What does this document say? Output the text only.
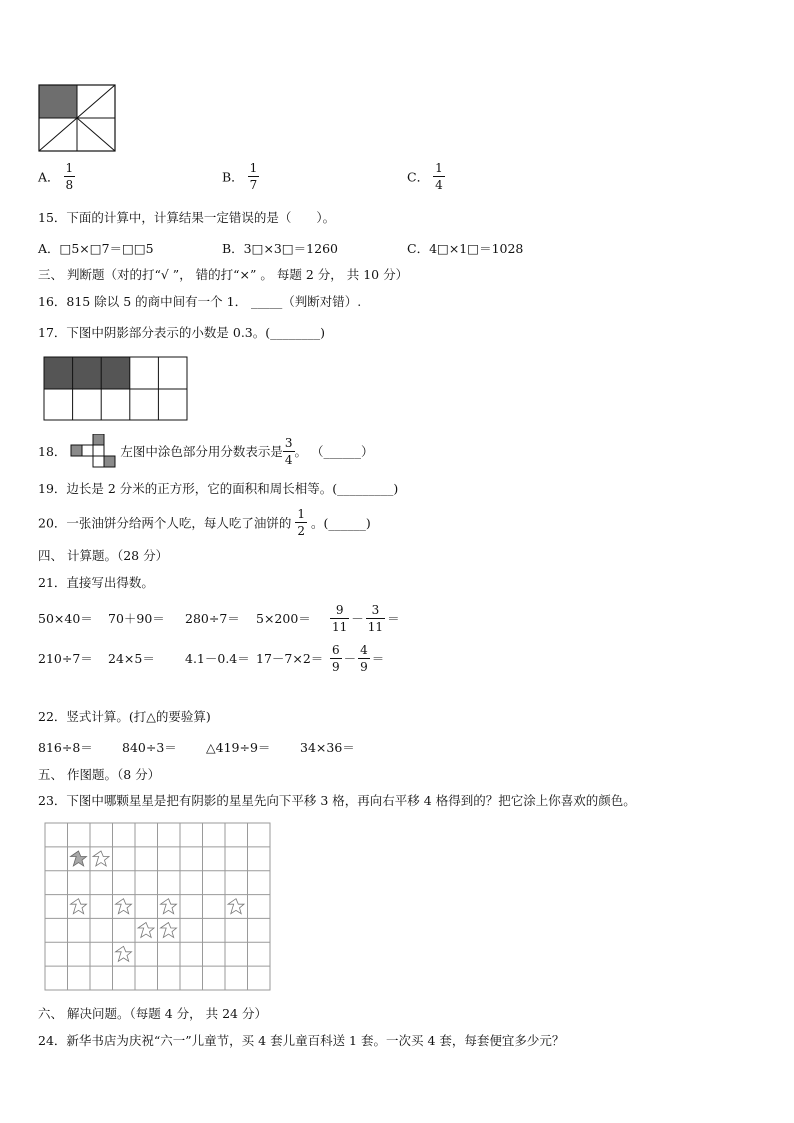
A． $\frac{1}{8}$	B． $\frac{1}{7}$	C． $\frac{1}{4}$
15．下面的计算中，计算结果一定错误的是（　　）。
A．□5×□7＝□□5	B．3□×3□＝1260	C．4□×1□＝1028
三、 判断题（对的打“√ ”， 错的打“×” 。 每题 2 分， 共 10 分）
16．815 除以 5 的商中间有一个 1． _____（判断对错）.
17．下图中阴影部分表示的小数是 0.3。(________)
18．	左图中涂色部分用分数表示是 $\frac{3}{4}$ 。 （______）
19．边长是 2 分米的正方形，它的面积和周长相等。(_________)
20．一张油饼分给两个人吃，每人吃了油饼的 $\frac{1}{2}$ 。(______)
四、 计算题。（28 分）
21．直接写出得数。
50×40＝	70＋90＝	280÷7＝	5×200＝	$\frac{9}{11} - \frac{3}{11}$ ＝
210÷7＝	24×5＝	$4.1-0.4= 17-7\times 2= \frac{6}{9} - \frac{4}{9}$ ＝
22．竖式计算。(打△的要验算)
816÷8＝	840÷3＝	△419÷9＝	34×36＝
五、 作图题。（8 分）
23．下图中哪颗星星是把有阴影的星星先向下平移 3 格，再向右平移 4 格得到的？把它涂上你喜欢的颜色。
六、 解决问题。（每题 4 分， 共 24 分）
24．新华书店为庆祝“六一”儿童节，买 4 套儿童百科送 1 套。一次买 4 套，每套便宜多少元？
